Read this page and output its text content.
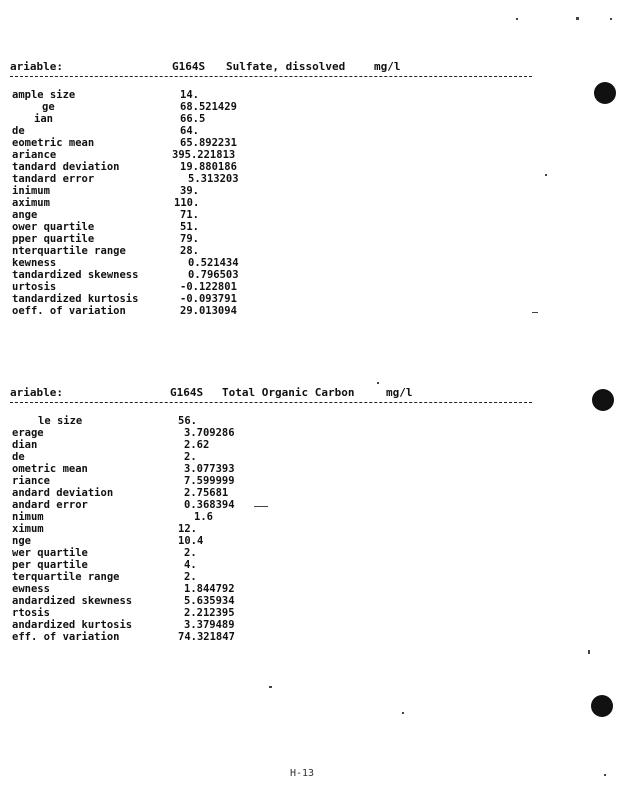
ariable:	G164S Sulfate, dissolved	mg/l
ample size	14.
ge	68.521429
ian	66.5
de	64.
eometric mean	65.892231
ariance	395.221813
tandard deviation	19.880186
tandard error	5.313203
inimum	39.
aximum	110.
ange	71.
ower quartile	51.
pper quartile	79.
nterquartile range	28.
kewness	0.521434
tandardized skewness	0.796503
urtosis	-0.122801
tandardized kurtosis	-0.093791
oeff. of variation	29.013094
ariable:	G164S Total Organic Carbon	mg/l
le size	56.
erage	3.709286
dian	2.62
de	2.
ometric mean	3.077393
riance	7.599999
andard deviation	2.75681
andard error	0.368394
nimum	1.6
ximum	12.
nge	10.4
wer quartile	2.
per quartile	4.
terquartile range	2.
ewness	1.844792
andardized skewness	5.635934
rtosis	2.212395
andardized kurtosis	3.379489
eff. of variation	74.321847
H-13
